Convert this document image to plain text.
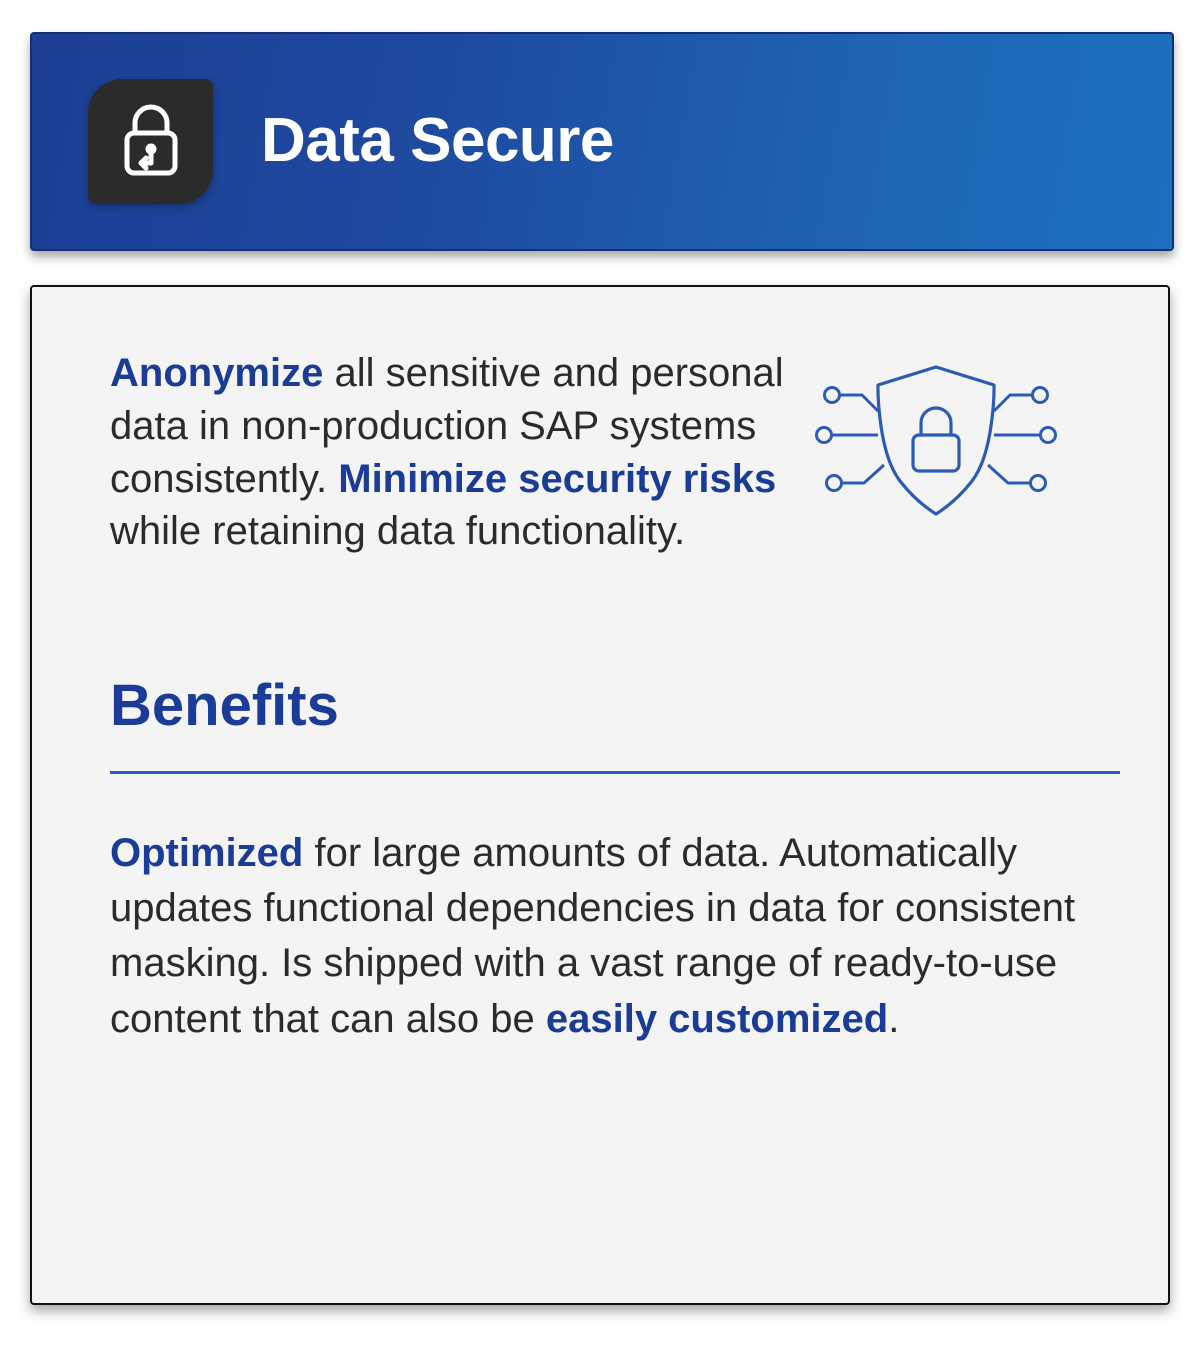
Data Secure
Anonymize all sensitive and personal data in non-production SAP systems consistently. Minimize security risks while retaining data functionality.
Benefits
Optimized for large amounts of data. Automatically updates functional dependencies in data for consistent masking. Is shipped with a vast range of ready-to-use content that can also be easily customized.
